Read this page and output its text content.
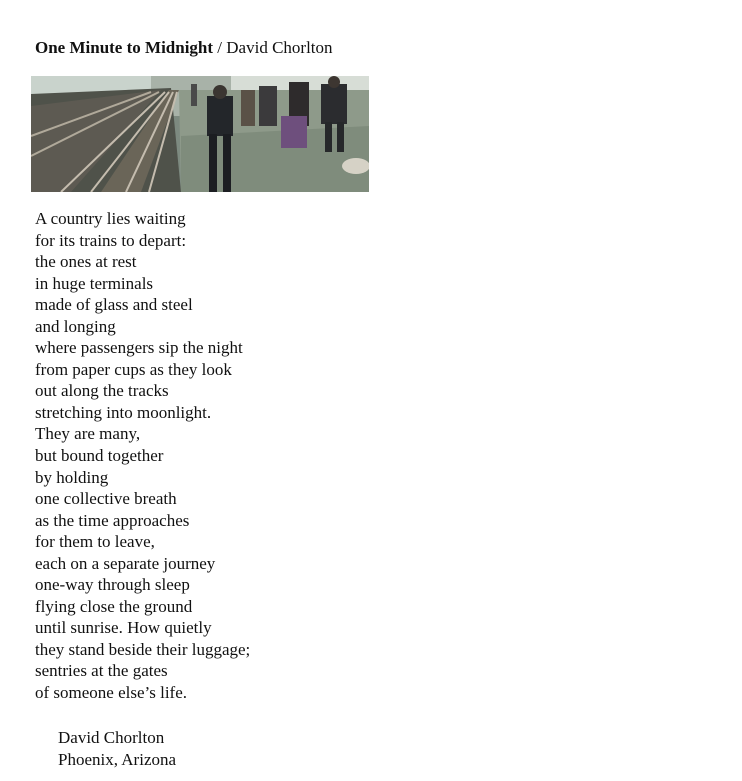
One Minute to Midnight / David Chorlton
A country lies waiting
for its trains to depart:
the ones at rest
in huge terminals
made of glass and steel
and longing
where passengers sip the night
from paper cups as they look
out along the tracks
stretching into moonlight.
They are many,
but bound together
by holding
one collective breath
as the time approaches
for them to leave,
each on a separate journey
one-way through sleep
flying close the ground
until sunrise. How quietly
they stand beside their luggage;
sentries at the gates
of someone else’s life.
David Chorlton
Phoenix, Arizona
